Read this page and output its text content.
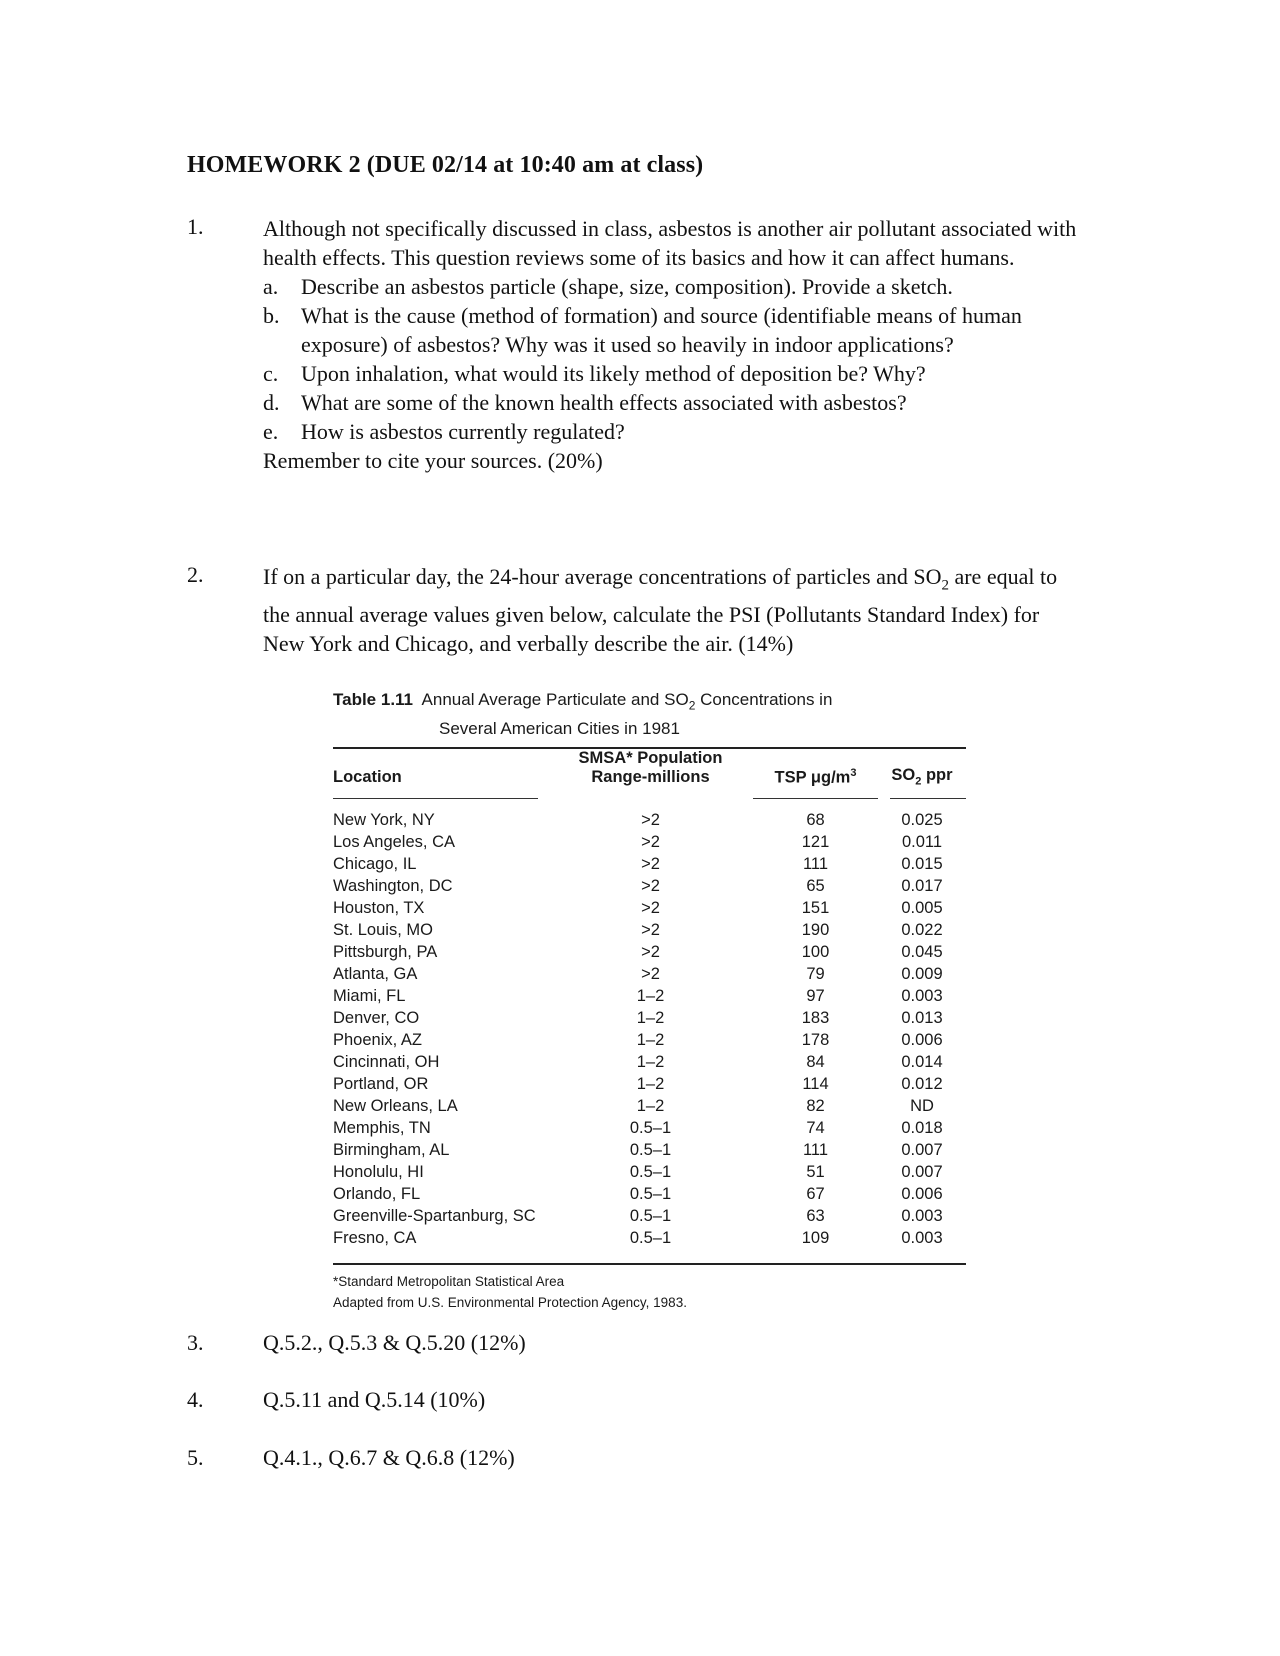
HOMEWORK 2 (DUE 02/14 at 10:40 am at class)
1.	Although not specifically discussed in class, asbestos is another air pollutant associated with health effects. This question reviews some of its basics and how it can affect humans.

a. Describe an asbestos particle (shape, size, composition). Provide a sketch.
b. What is the cause (method of formation) and source (identifiable means of human exposure) of asbestos? Why was it used so heavily in indoor applications?
c. Upon inhalation, what would its likely method of deposition be? Why?
d. What are some of the known health effects associated with asbestos?
e. How is asbestos currently regulated?

Remember to cite your sources. (20%)

2.	If on a particular day, the 24-hour average concentrations of particles and $SO_2$ are equal to the annual average values given below, calculate the PSI (Pollutants Standard Index) for New York and Chicago, and verbally describe the air. (14%)

Table 1.11 Annual Average Particulate and $SO_2$ Concentrations in
Several American Cities in 1981
Location	SMSA* Population
Range-millions	TSP $\mu g/m^3$	$SO_2$ ppr

New York, NY	>2	68	0.025
Los Angeles, CA	>2	121	0.011
Chicago, IL	>2	111	0.015
Washington, DC	>2	65	0.017
Houston, TX	>2	151	0.005
St. Louis, MO	>2	190	0.022
Pittsburgh, PA	>2	100	0.045
Atlanta, GA	>2	79	0.009
Miami, FL	1–2	97	0.003
Denver, CO	1–2	183	0.013
Phoenix, AZ	1–2	178	0.006
Cincinnati, OH	1–2	84	0.014
Portland, OR	1–2	114	0.012
New Orleans, LA	1–2	82	ND
Memphis, TN	0.5–1	74	0.018
Birmingham, AL	0.5–1	111	0.007
Honolulu, HI	0.5–1	51	0.007
Orlando, FL	0.5–1	67	0.006
Greenville-Spartanburg, SC	0.5–1	63	0.003
Fresno, CA	0.5–1	109	0.003
*Standard Metropolitan Statistical Area
Adapted from U.S. Environmental Protection Agency, 1983.
3.	Q.5.2., Q.5.3 & Q.5.20 (12%)
4.	Q.5.11 and Q.5.14 (10%)
5.	Q.4.1., Q.6.7 & Q.6.8 (12%)
